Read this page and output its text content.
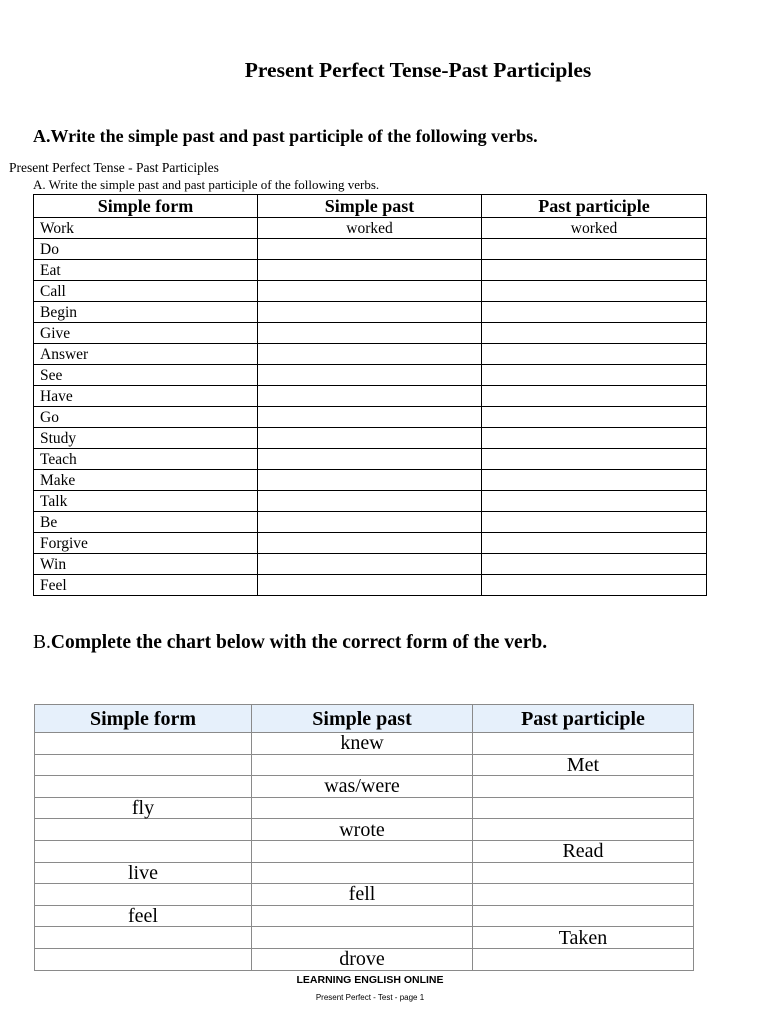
Present Perfect Tense-Past Participles
A.Write the simple past and past participle of the following verbs.
Present Perfect Tense - Past Participles
A. Write the simple past and past participle of the following verbs.
Simple form	Simple past	Past participle
Work	worked	worked
Do		
Eat		
Call		
Begin		
Give		
Answer		
See		
Have		
Go		
Study		
Teach		
Make		
Talk		
Be		
Forgive		
Win		
Feel		
B.Complete the chart below with the correct form of the verb.
Simple form	Simple past	Past participle
	knew	
		Met
	was/were	
fly		
	wrote	
		Read
live		
	fell	
feel		
		Taken
	drove	
LEARNING ENGLISH ONLINE
Present Perfect - Test - page 1
